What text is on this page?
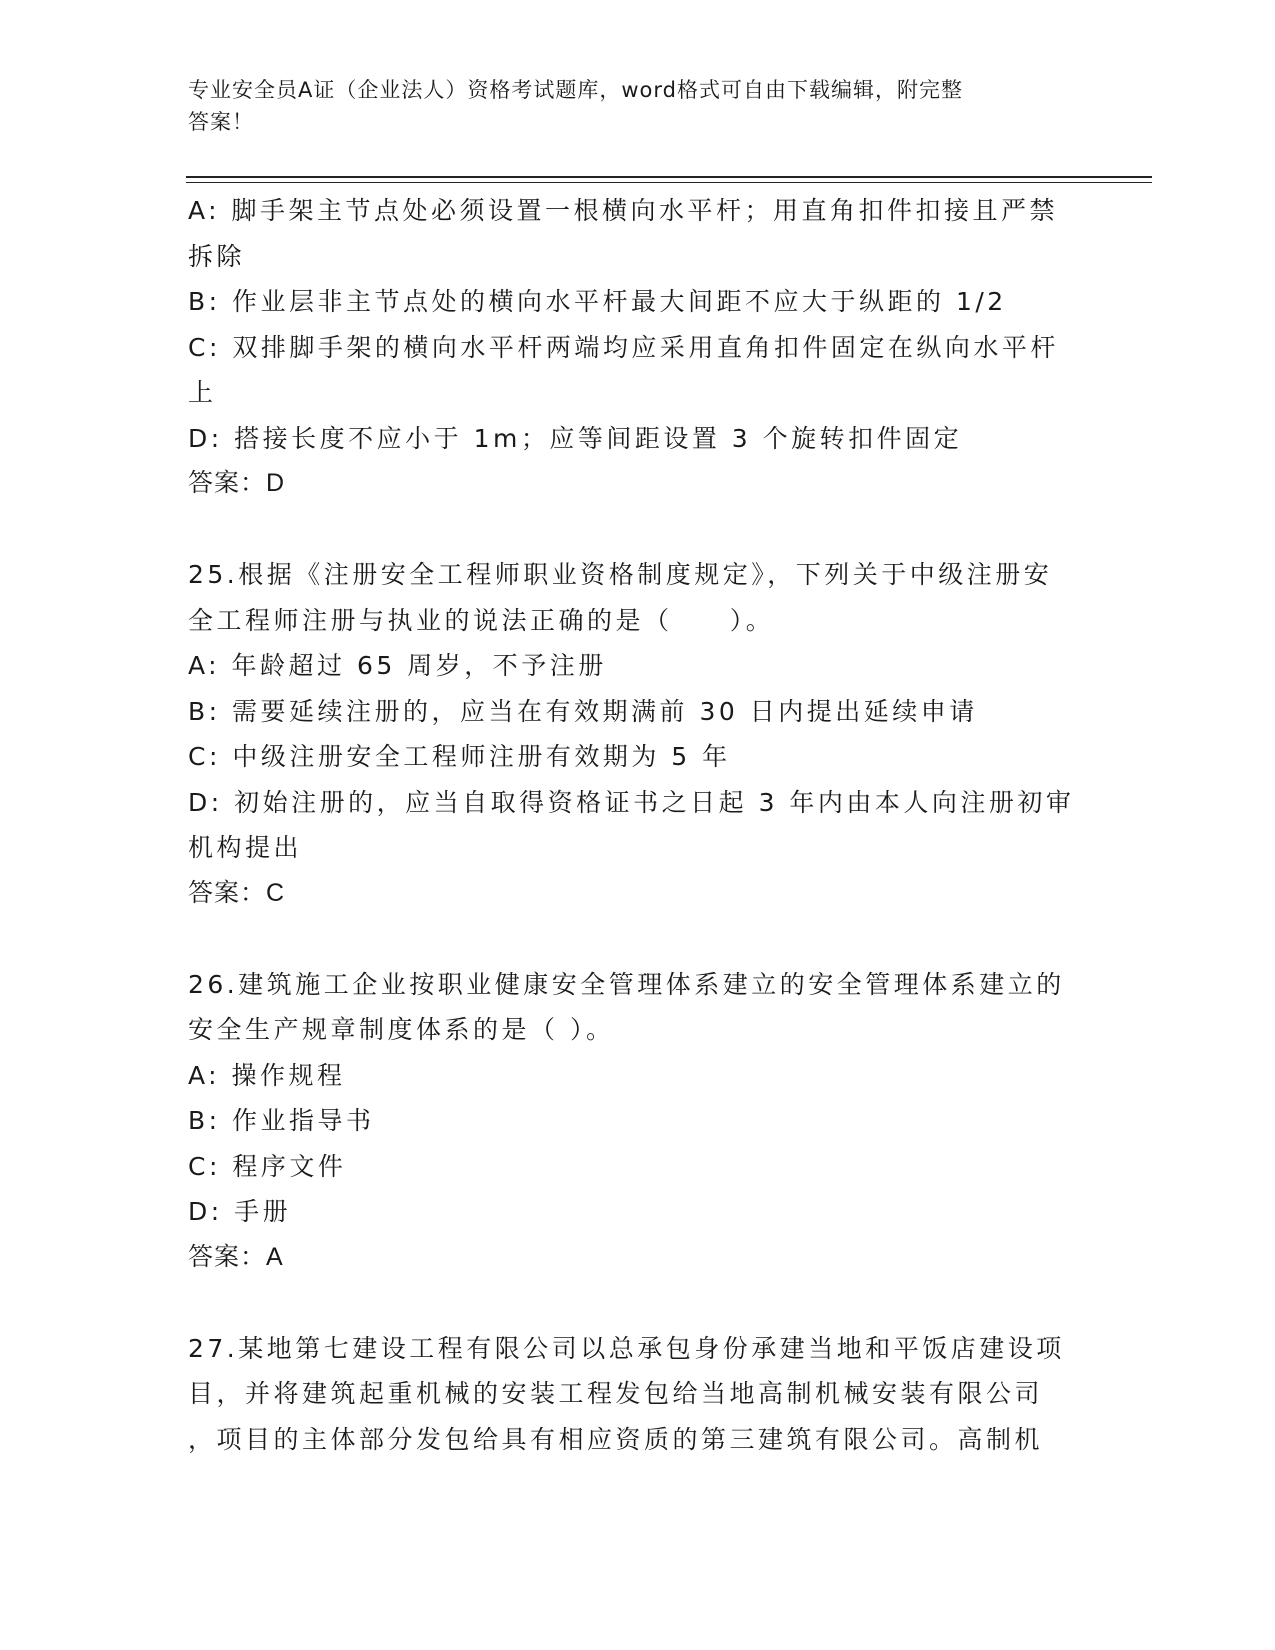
专业安全员A证（企业法人）资格考试题库，word格式可自由下载编辑，附完整
答案！
A: 脚手架主节点处必须设置一根横向水平杆；用直角扣件扣接且严禁
拆除
B: 作业层非主节点处的横向水平杆最大间距不应大于纵距的 1/2
C: 双排脚手架的横向水平杆两端均应采用直角扣件固定在纵向水平杆
上
D: 搭接长度不应小于 1m；应等间距设置 3 个旋转扣件固定
答案：D
25.根据《注册安全工程师职业资格制度规定》，下列关于中级注册安
全工程师注册与执业的说法正确的是（     ）。
A: 年龄超过 65 周岁，不予注册
B: 需要延续注册的，应当在有效期满前 30 日内提出延续申请
C: 中级注册安全工程师注册有效期为 5 年
D: 初始注册的，应当自取得资格证书之日起 3 年内由本人向注册初审
机构提出
答案：C
26.建筑施工企业按职业健康安全管理体系建立的安全管理体系建立的
安全生产规章制度体系的是（ ）。
A: 操作规程
B: 作业指导书
C: 程序文件
D: 手册
答案：A
27.某地第七建设工程有限公司以总承包身份承建当地和平饭店建设项
目，并将建筑起重机械的安装工程发包给当地高制机械安装有限公司
，项目的主体部分发包给具有相应资质的第三建筑有限公司。高制机
